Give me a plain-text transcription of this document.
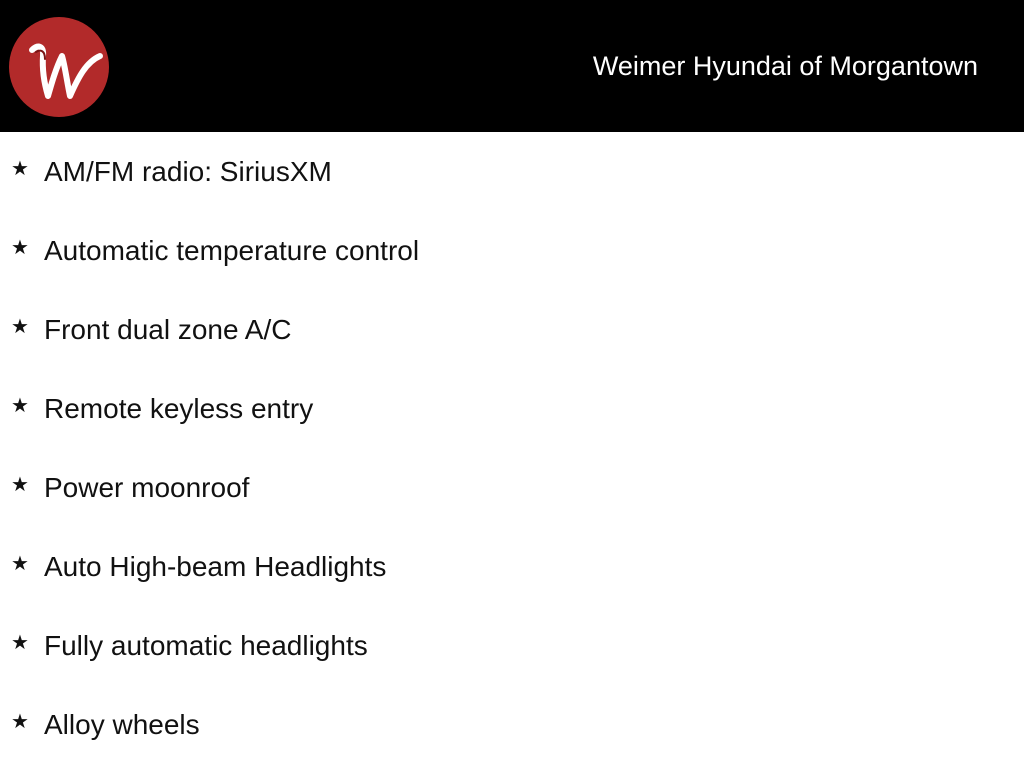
Weimer Hyundai of Morgantown
★ AM/FM radio: SiriusXM
★ Automatic temperature control
★ Front dual zone A/C
★ Remote keyless entry
★ Power moonroof
★ Auto High-beam Headlights
★ Fully automatic headlights
★ Alloy wheels
